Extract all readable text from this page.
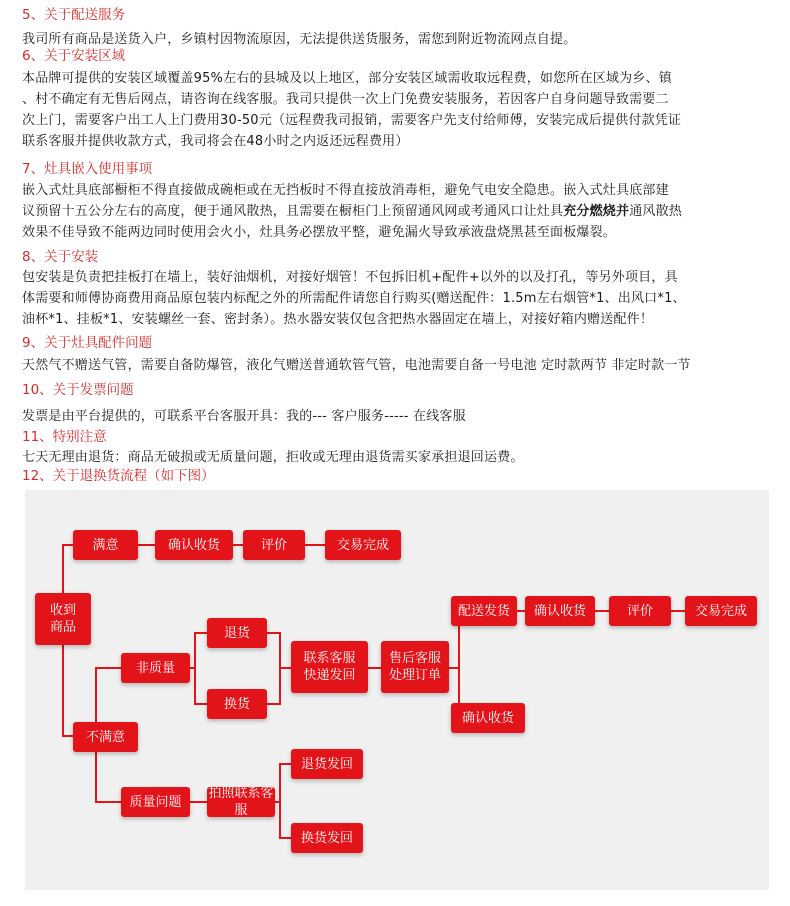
5、关于配送服务

我司所有商品是送货入户，乡镇村因物流原因，无法提供送货服务，需您到附近物流网点自提。

6、关于安装区域

本品牌可提供的安装区域覆盖95%左右的县城及以上地区，部分安装区域需收取远程费，如您所在区域为乡、镇

、村不确定有无售后网点，请咨询在线客服。我司只提供一次上门免费安装服务，若因客户自身问题导致需要二

次上门，需要客户出工人上门费用30-50元（远程费我司报销，需要客户先支付给师傅，安装完成后提供付款凭证

联系客服并提供收款方式，我司将会在48小时之内返还远程费用）

7、灶具嵌入使用事项

嵌入式灶具底部橱柜不得直接做成碗柜或在无挡板时不得直接放消毒柜，避免气电安全隐患。嵌入式灶具底部建

议预留十五公分左右的高度，便于通风散热，且需要在橱柜门上预留通风网或考通风口让灶具充分燃烧并通风散热

效果不佳导致不能两边同时使用会火小，灶具务必摆放平整，避免漏火导致承液盘烧黑甚至面板爆裂。

8、关于安装

包安装是负责把挂板打在墙上，装好油烟机，对接好烟管！不包拆旧机+配件+以外的以及打孔，等另外项目，具

体需要和师傅协商费用商品原包装内标配之外的所需配件请您自行购买(赠送配件：1.5m左右烟管*1、出风口*1、

油杯*1、挂板*1、安装螺丝一套、密封条）。热水器安装仅包含把热水器固定在墙上，对接好箱内赠送配件！

9、关于灶具配件问题

天然气不赠送气管，需要自备防爆管，液化气赠送普通软管气管，电池需要自备一号电池 定时款两节 非定时款一节

10、关于发票问题

发票是由平台提供的，可联系平台客服开具：我的--- 客户服务----- 在线客服

11、特别注意

七天无理由退货：商品无破损或无质量问题，拒收或无理由退货需买家承担退回运费。

12、关于退换货流程（如下图）

收到
商品
满意	确认收货	评价	交易完成
不满意
非质量
退货
换货
联系客服
快递发回
售后客服
处理订单
配送发货 确认收货	评价	交易完成
确认收货
质量问题
拍照联系客服
退货发回
换货发回
